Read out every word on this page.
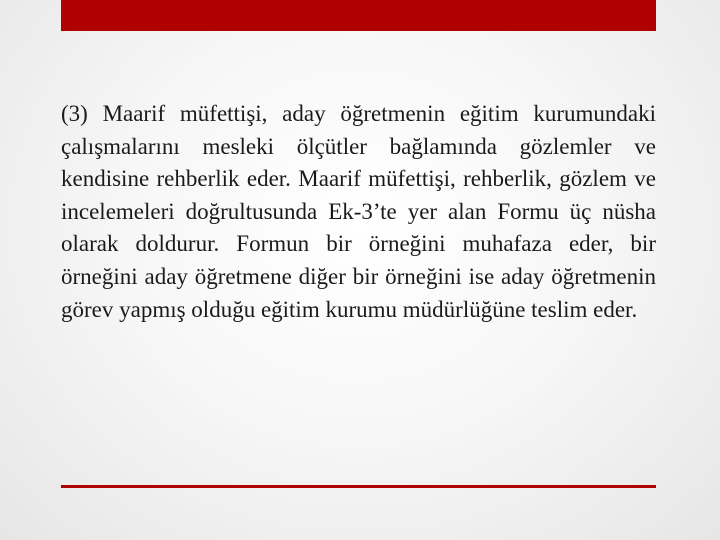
(3) Maarif müfettişi, aday öğretmenin eğitim kurumundaki çalışmalarını mesleki ölçütler bağlamında gözlemler ve kendisine rehberlik eder. Maarif müfettişi, rehberlik, gözlem ve incelemeleri doğrultusunda Ek-3’te yer alan Formu üç nüsha olarak doldurur. Formun bir örneğini muhafaza eder, bir örneğini aday öğretmene diğer bir örneğini ise aday öğretmenin görev yapmış olduğu eğitim kurumu müdürlüğüne teslim eder.
